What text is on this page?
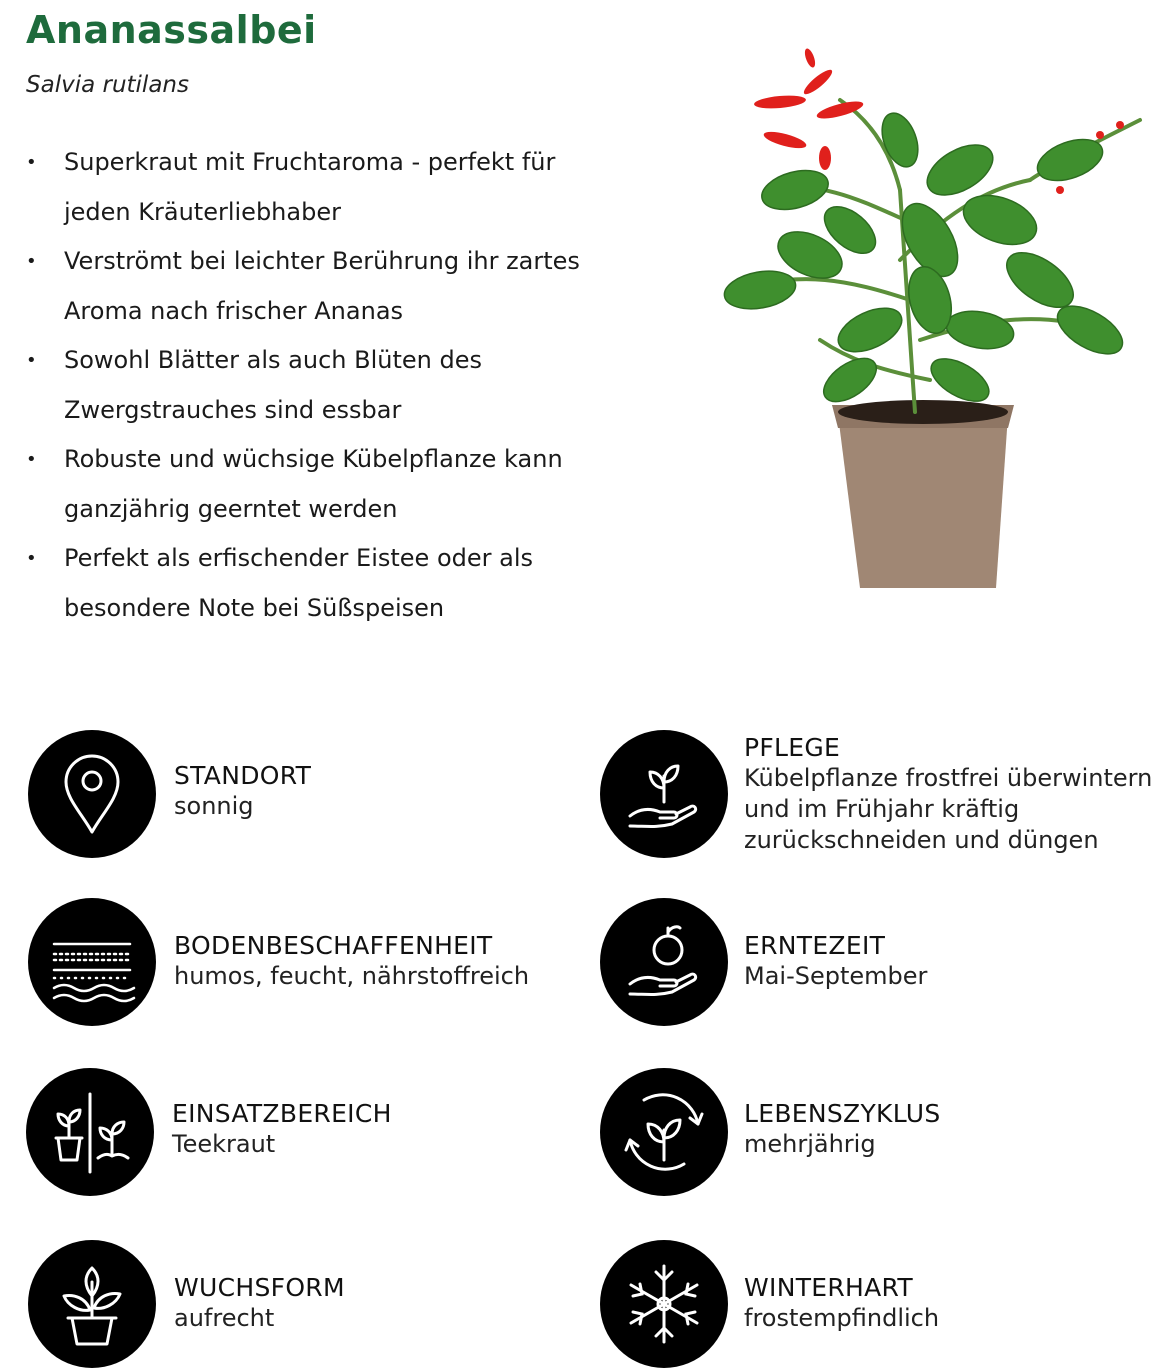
Ananassalbei
Salvia rutilans
• Superkraut mit Fruchtaroma - perfekt für
jeden Kräuterliebhaber
• Verströmt bei leichter Berührung ihr zartes
Aroma nach frischer Ananas
• Sowohl Blätter als auch Blüten des
Zwergstrauches sind essbar
• Robuste und wüchsige Kübelpflanze kann
ganzjährig geerntet werden
• Perfekt als erfischender Eistee oder als
besondere Note bei Süßspeisen
STANDORT
sonnig
PFLEGE
Kübelpflanze frostfrei überwintern
und im Frühjahr kräftig
zurückschneiden und düngen
BODENBESCHAFFENHEIT
humos, feucht, nährstoffreich
ERNTEZEIT
Mai-September
EINSATZBEREICH
Teekraut
LEBENSZYKLUS
mehrjährig
WUCHSFORM
aufrecht
WINTERHART
frostempfindlich
